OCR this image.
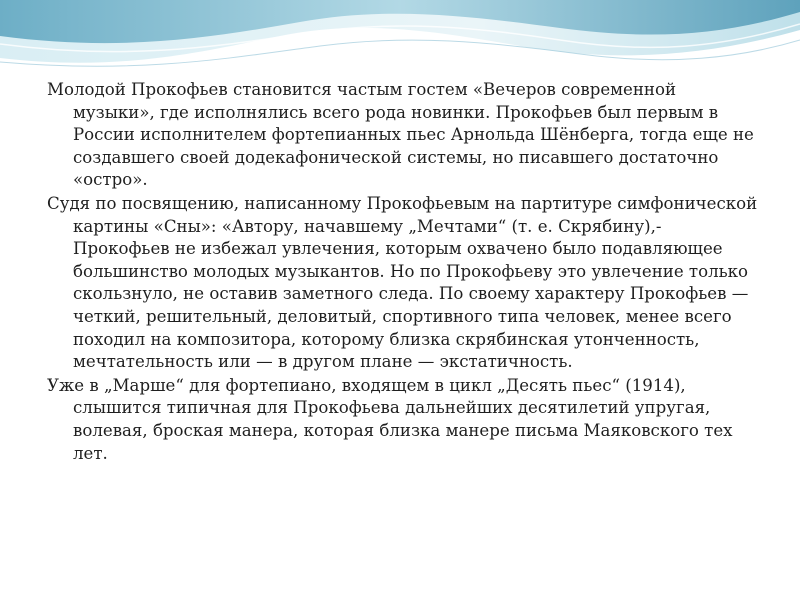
Молодой Прокофьев становится частым гостем «Вечеров современной музыки», где исполнялись всего рода новинки. Прокофьев был первым в России исполнителем фортепианных пьес Арнольда Шёнберга, тогда еще не создавшего своей додекафонической системы, но писавшего достаточно «остро».

Судя по посвящению, написанному Прокофьевым на партитуре симфонической картины «Сны»: «Автору, начавшему „Мечтами“ (т. е. Скрябину),- Прокофьев не избежал увлечения, которым охвачено было подавляющее большинство молодых музыкантов. Но по Прокофьеву это увлечение только скользнуло, не оставив заметного следа. По своему характеру Прокофьев — четкий, решительный, деловитый, спортивного типа человек, менее всего походил на композитора, которому близка скрябинская утонченность, мечтательность или — в другом плане — экстатичность.

Уже в „Марше“ для фортепиано, входящем в цикл „Десять пьес“ (1914), слышится типичная для Прокофьева дальнейших десятилетий упругая, волевая, броская манера, которая близка манере письма Маяковского тех лет.
